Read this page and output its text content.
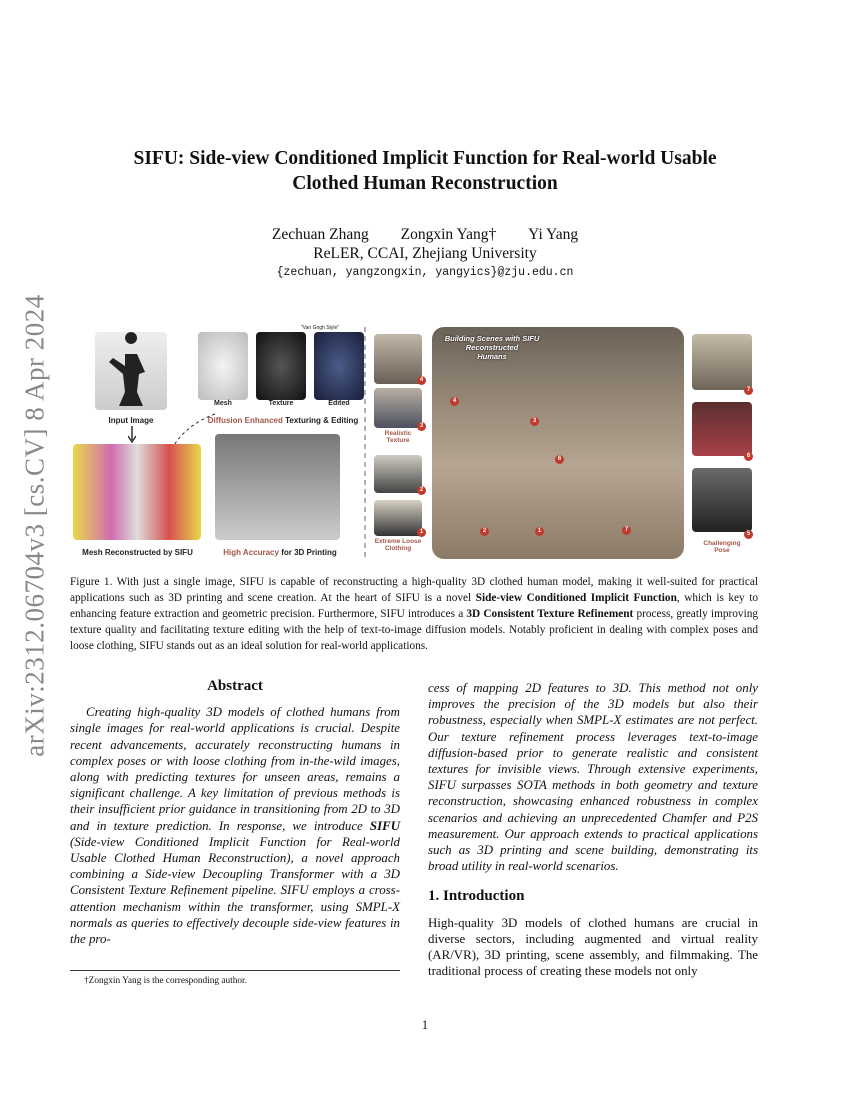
arXiv:2312.06704v3 [cs.CV] 8 Apr 2024
SIFU: Side-view Conditioned Implicit Function for Real-world Usable
Clothed Human Reconstruction
Zechuan Zhang Zongxin Yang† Yi Yang
ReLER, CCAI, Zhejiang University
{zechuan, yangzongxin, yangyics}@zju.edu.cn
Input Image
"Van Gogh Style"
Mesh	Texture	Edited
Diffusion Enhanced Texturing & Editing
Mesh Reconstructed by SIFU	High Accuracy for 3D Printing
4
3
Realistic
Texture
2
1
Extreme Loose
Clothing
Building Scenes with SIFU
Reconstructed
Humans
4
3
2	1
6
7
7
6
5
Challenging
Pose
Figure 1. With just a single image, SIFU is capable of reconstructing a high-quality 3D clothed human model, making it well-suited for practical applications such as 3D printing and scene creation. At the heart of SIFU is a novel Side-view Conditioned Implicit Function, which is key to enhancing feature extraction and geometric precision. Furthermore, SIFU introduces a 3D Consistent Texture Refinement process, greatly improving texture quality and facilitating texture editing with the help of text-to-image diffusion models. Notably proficient in dealing with complex poses and loose clothing, SIFU stands out as an ideal solution for real-world applications.
Abstract

Creating high-quality 3D models of clothed humans from single images for real-world applications is crucial. Despite recent advancements, accurately reconstructing humans in complex poses or with loose clothing from in-the-wild images, along with predicting textures for unseen areas, remains a significant challenge. A key limitation of previous methods is their insufficient prior guidance in transitioning from 2D to 3D and in texture prediction. In response, we introduce SIFU (Side-view Conditioned Implicit Function for Real-world Usable Clothed Human Reconstruction), a novel approach combining a Side-view Decoupling Transformer with a 3D Consistent Texture Refinement pipeline. SIFU employs a cross-attention mechanism within the transformer, using SMPL-X normals as queries to effectively decouple side-view features in the pro-

cess of mapping 2D features to 3D. This method not only improves the precision of the 3D models but also their robustness, especially when SMPL-X estimates are not perfect. Our texture refinement process leverages text-to-image diffusion-based prior to generate realistic and consistent textures for invisible views. Through extensive experiments, SIFU surpasses SOTA methods in both geometry and texture reconstruction, showcasing enhanced robustness in complex scenarios and achieving an unprecedented Chamfer and P2S measurement. Our approach extends to practical applications such as 3D printing and scene building, demonstrating its broad utility in real-world scenarios.

1. Introduction

High-quality 3D models of clothed humans are crucial in diverse sectors, including augmented and virtual reality (AR/VR), 3D printing, scene assembly, and filmmaking. The traditional process of creating these models not only

†Zongxin Yang is the corresponding author.
1
